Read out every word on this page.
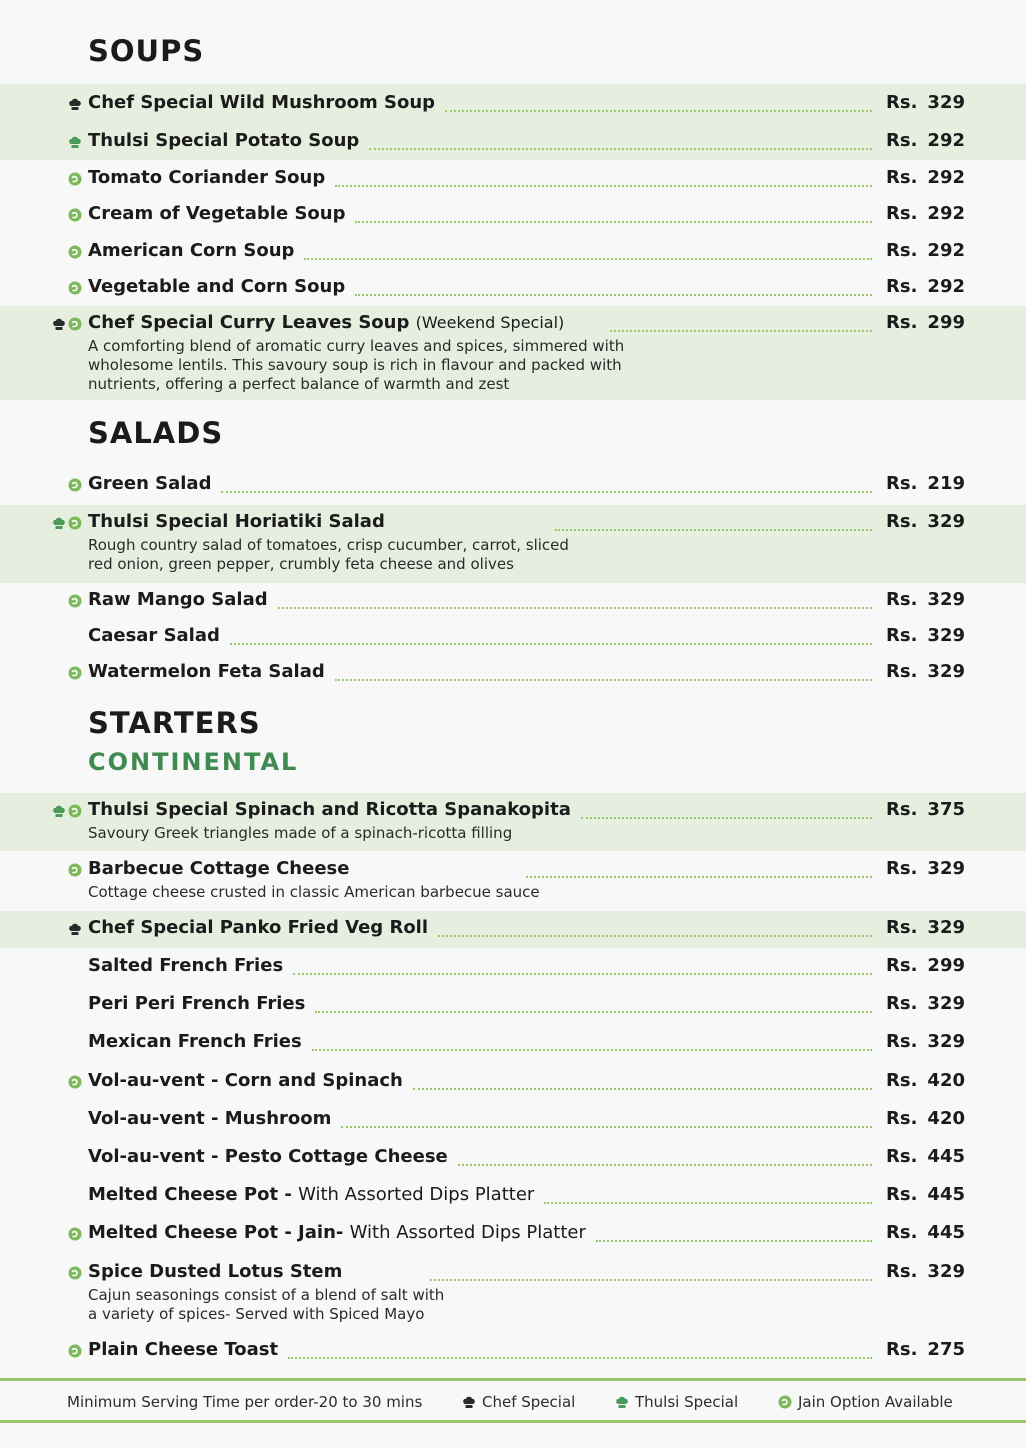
SOUPS
Chef Special Wild Mushroom Soup	Rs. 329
Thulsi Special Potato Soup	Rs. 292
Tomato Coriander Soup	Rs. 292
Cream of Vegetable Soup	Rs. 292
American Corn Soup	Rs. 292
Vegetable and Corn Soup	Rs. 292
Chef Special Curry Leaves Soup (Weekend Special)	Rs. 299
A comforting blend of aromatic curry leaves and spices, simmered with
wholesome lentils. This savoury soup is rich in flavour and packed with
nutrients, offering a perfect balance of warmth and zest
SALADS
Green Salad	Rs. 219
Thulsi Special Horiatiki Salad	Rs. 329
Rough country salad of tomatoes, crisp cucumber, carrot, sliced
red onion, green pepper, crumbly feta cheese and olives
Raw Mango Salad	Rs. 329
Caesar Salad	Rs. 329
Watermelon Feta Salad	Rs. 329
STARTERS
CONTINENTAL
Thulsi Special Spinach and Ricotta Spanakopita	Rs. 375
Savoury Greek triangles made of a spinach-ricotta filling
Barbecue Cottage Cheese	Rs. 329
Cottage cheese crusted in classic American barbecue sauce
Chef Special Panko Fried Veg Roll	Rs. 329
Salted French Fries	Rs. 299
Peri Peri French Fries	Rs. 329
Mexican French Fries	Rs. 329
Vol-au-vent - Corn and Spinach	Rs. 420
Vol-au-vent - Mushroom	Rs. 420
Vol-au-vent - Pesto Cottage Cheese	Rs. 445
Melted Cheese Pot - With Assorted Dips Platter	Rs. 445
Melted Cheese Pot - Jain- With Assorted Dips Platter	Rs. 445
Spice Dusted Lotus Stem	Rs. 329
Cajun seasonings consist of a blend of salt with
a variety of spices- Served with Spiced Mayo
Plain Cheese Toast	Rs. 275
Minimum Serving Time per order-20 to 30 mins	Chef Special	Thulsi Special	Jain Option Available
